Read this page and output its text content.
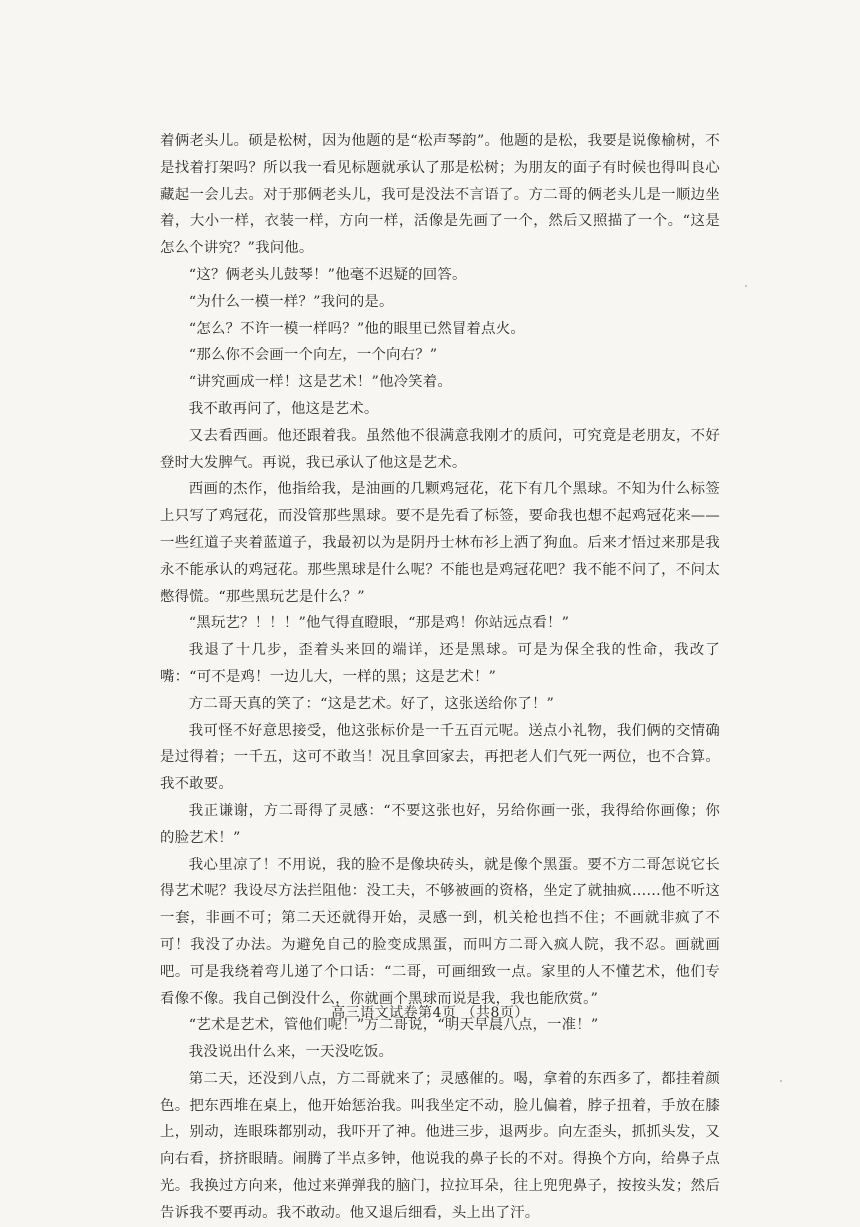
着俩老头儿。硕是松树，因为他题的是“松声琴韵”。他题的是松，我要是说像榆树，不是找着打架吗？所以我一看见标题就承认了那是松树；为朋友的面子有时候也得叫良心藏起一会儿去。对于那俩老头儿，我可是没法不言语了。方二哥的俩老头儿是一顺边坐着，大小一样，衣装一样，方向一样，活像是先画了一个，然后又照描了一个。“这是怎么个讲究？”我问他。

“这？俩老头儿鼓琴！”他毫不迟疑的回答。

“为什么一模一样？”我问的是。

“怎么？不许一模一样吗？”他的眼里已然冒着点火。

“那么你不会画一个向左，一个向右？”

“讲究画成一样！这是艺术！”他冷笑着。

我不敢再问了，他这是艺术。

又去看西画。他还跟着我。虽然他不很满意我刚才的质问，可究竟是老朋友，不好登时大发脾气。再说，我已承认了他这是艺术。

西画的杰作，他指给我，是油画的几颗鸡冠花，花下有几个黑球。不知为什么标签上只写了鸡冠花，而没管那些黑球。要不是先看了标签，要命我也想不起鸡冠花来——一些红道子夹着蓝道子，我最初以为是阴丹士林布衫上洒了狗血。后来才悟过来那是我永不能承认的鸡冠花。那些黑球是什么呢？不能也是鸡冠花吧？我不能不问了，不问太憋得慌。“那些黑玩艺是什么？”

“黑玩艺？！！！”他气得直瞪眼，“那是鸡！你站远点看！”

我退了十几步，歪着头来回的端详，还是黑球。可是为保全我的性命，我改了嘴：“可不是鸡！一边儿大，一样的黑；这是艺术！”

方二哥天真的笑了：“这是艺术。好了，这张送给你了！”

我可怪不好意思接受，他这张标价是一千五百元呢。送点小礼物，我们俩的交情确是过得着；一千五，这可不敢当！况且拿回家去，再把老人们气死一两位，也不合算。我不敢要。

我正谦谢，方二哥得了灵感：“不要这张也好，另给你画一张，我得给你画像；你的脸艺术！”

我心里凉了！不用说，我的脸不是像块砖头，就是像个黑蛋。要不方二哥怎说它长得艺术呢？我设尽方法拦阻他：没工夫，不够被画的资格，坐定了就抽疯……他不听这一套，非画不可；第二天还就得开始，灵感一到，机关枪也挡不住；不画就非疯了不可！我没了办法。为避免自己的脸变成黑蛋，而叫方二哥入疯人院，我不忍。画就画吧。可是我绕着弯儿递了个口话：“二哥，可画细致一点。家里的人不懂艺术，他们专看像不像。我自己倒没什么，你就画个黑球而说是我，我也能欣赏。”

“艺术是艺术，管他们呢！”方二哥说，“明天早晨八点，一准！”

我没说出什么来，一天没吃饭。

第二天，还没到八点，方二哥就来了；灵感催的。喝，拿着的东西多了，都挂着颜色。把东西堆在桌上，他开始惩治我。叫我坐定不动，脸儿偏着，脖子扭着，手放在膝上，别动，连眼珠都别动，我吓开了神。他进三步，退两步。向左歪头，抓抓头发，又向右看，挤挤眼睛。闹腾了半点多钟，他说我的鼻子长的不对。得换个方向，给鼻子点光。我换过方向来，他过来弹弹我的脑门，拉拉耳朵，往上兜兜鼻子，按按头发；然后告诉我不要再动。我不敢动。他又退后细看，头上出了汗。

高三语文试卷第4页 （共8页）
